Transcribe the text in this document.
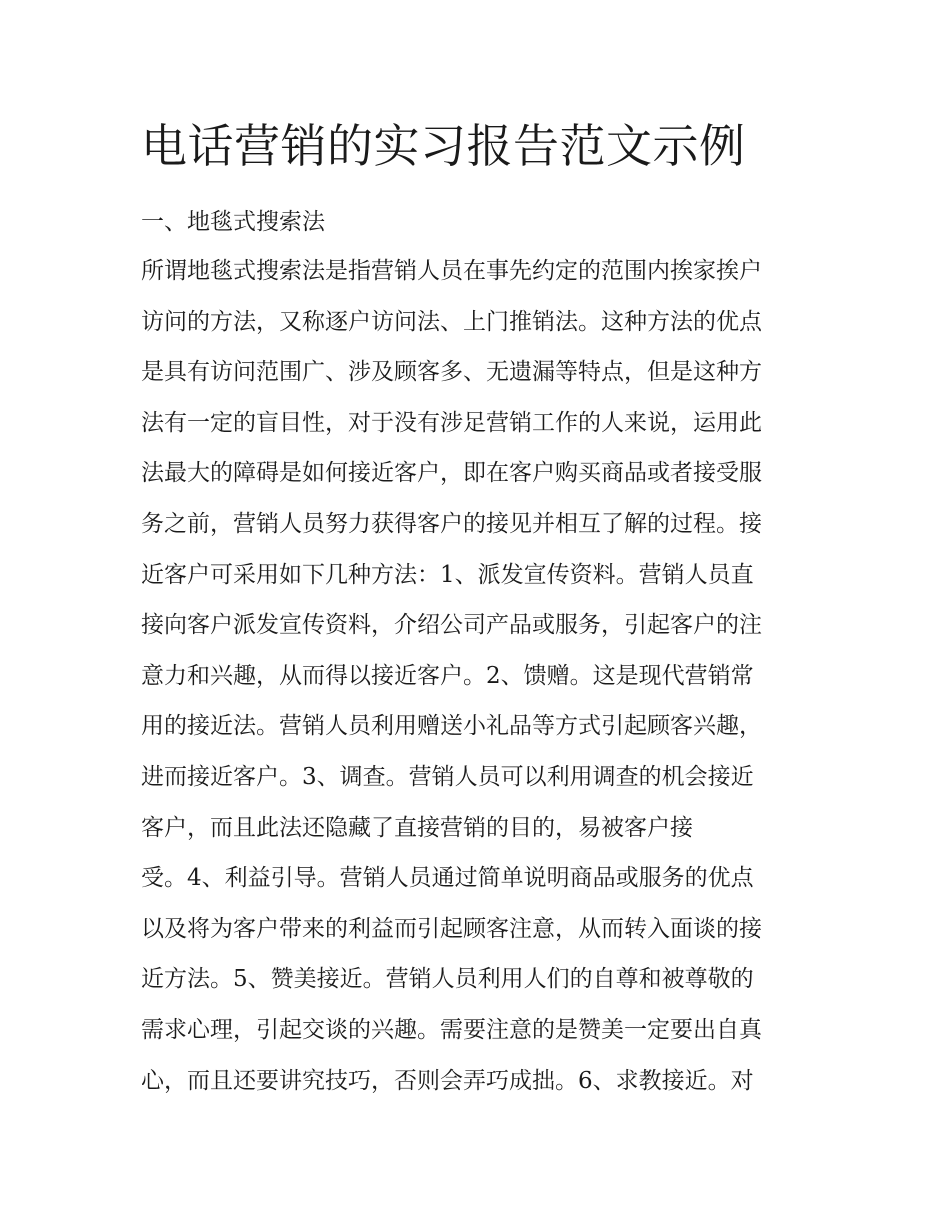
电话营销的实习报告范文示例
一、地毯式搜索法
所谓地毯式搜索法是指营销人员在事先约定的范围内挨家挨户
访问的方法，又称逐户访问法、上门推销法。这种方法的优点
是具有访问范围广、涉及顾客多、无遗漏等特点，但是这种方
法有一定的盲目性，对于没有涉足营销工作的人来说，运用此
法最大的障碍是如何接近客户，即在客户购买商品或者接受服
务之前，营销人员努力获得客户的接见并相互了解的过程。接
近客户可采用如下几种方法：1、派发宣传资料。营销人员直
接向客户派发宣传资料，介绍公司产品或服务，引起客户的注
意力和兴趣，从而得以接近客户。2、馈赠。这是现代营销常
用的接近法。营销人员利用赠送小礼品等方式引起顾客兴趣，
进而接近客户。3、调查。营销人员可以利用调查的机会接近
客户，而且此法还隐藏了直接营销的目的，易被客户接
受。4、利益引导。营销人员通过简单说明商品或服务的优点
以及将为客户带来的利益而引起顾客注意，从而转入面谈的接
近方法。5、赞美接近。营销人员利用人们的自尊和被尊敬的
需求心理，引起交谈的兴趣。需要注意的是赞美一定要出自真
心，而且还要讲究技巧，否则会弄巧成拙。6、求教接近。对
